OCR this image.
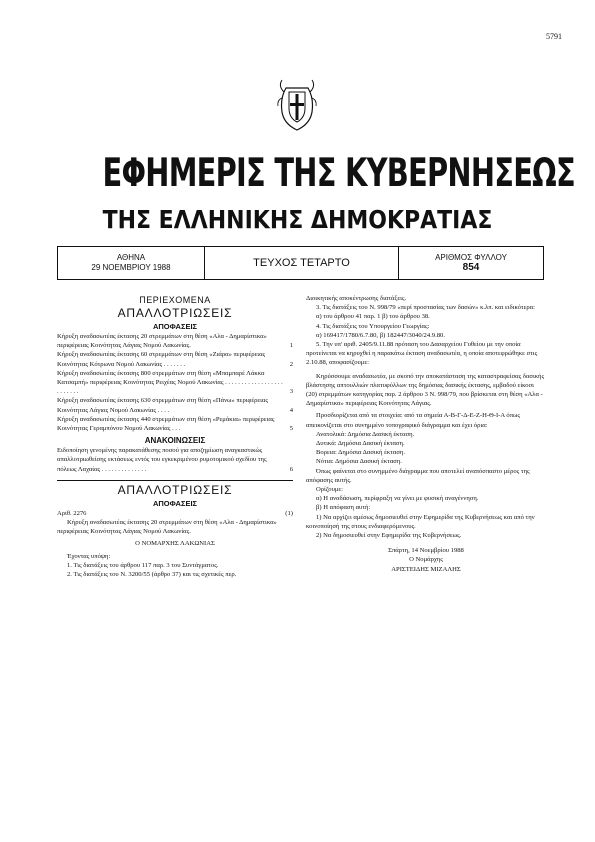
5791
ΕΦΗΜΕΡΙΣ ΤΗΣ ΚΥΒΕΡΝΗΣΕΩΣ
ΤΗΣ ΕΛΛΗΝΙΚΗΣ ΔΗΜΟΚΡΑΤΙΑΣ
ΑΘΗΝΑ
29 ΝΟΕΜΒΡΙΟΥ 1988	ΤΕΥΧΟΣ ΤΕΤΑΡΤΟ	ΑΡΙΘΜΟΣ ΦΥΛΛΟΥ
854
ΠΕΡΙΕΧΟΜΕΝΑ
ΑΠΑΛΛΟΤΡΙΩΣΕΙΣ
ΑΠΟΦΑΣΕΙΣ
Κήρυξη αναδασωτέας έκτασης 20 στρεμμάτων στη θέση «Αλα - Δημαρίστικα» περιφέρειας Κοινότητας Λάγιας Νομού Λακωνίας.	1
Κήρυξη αναδασωτέας έκτασης 60 στρεμμάτων στη θέση «Ζιάρα» περιφέρειας Κοινότητας Κότρωνα Νομού Λακωνίας . . . . . . .	2
Κήρυξη αναδασωτέας έκτασης 800 στρεμμάτων στη θέση «Μπαμπαρέ Λάκκα Κατσαμπή» περιφέρειας Κοινότητας Ρειχέας Νομού Λακωνίας . . . . . . . . . . . . . . . . . . . . . . . . .	3
Κήρυξη αναδασωτέας έκτασης 630 στρεμμάτων στη θέση «Πάνω» περιφέρειας Κοινότητας Λάγιας Νομού Λακωνίας . . . .	4
Κήρυξη αναδασωτέας έκτασης 440 στρεμμάτων στη θέση «Ρεμάκια» περιφέρειας Κοινότητας Γεραμπόνου Νομού Λακωνίας . . .	5
ΑΝΑΚΟΙΝΩΣΕΙΣ
Ειδοποίηση γενομένης παρακατάθεσης ποσού για αποζημίωση αναγκαστικώς απαλλοτριωθείσης εκτάσεως εντός του εγκεκριμένου ρυμοτομικού σχεδίου της πόλεως Λαχαίας . . . . . . . . . . . . . .	6
ΑΠΑΛΛΟΤΡΙΩΣΕΙΣ
ΑΠΟΦΑΣΕΙΣ
Αριθ. 2276	(1)
Κήρυξη αναδασωτέας έκτασης 20 στρεμμάτων στη θέση «Αλα - Δημαρίστικα» περιφέρειας Κοινότητας Λάγιας Νομού Λακωνίας.
Ο ΝΟΜΑΡΧΗΣ ΛΑΚΩΝΙΑΣ
Έχοντας υπόψη:
1. Τις διατάξεις του άρθρου 117 παρ. 3 του Συντάγματος.
2. Τις διατάξεις του Ν. 3200/55 (άρθρο 37) και τις σχετικές περ.
Διοικητικής αποκέντρωσης διατάξεις.
3. Τις διατάξεις του Ν. 998/79 «περί προστασίας των δασών» κ.λπ. και ειδικότερα:
α) του άρθρου 41 παρ. 1 β) του άρθρου 38.
4. Τις διατάξεις του Υπουργείου Γεωργίας:
α) 169417/1780/6.7.80, β) 182447/3040/24.9.80.
5. Την υπ' αριθ. 2405/9.11.88 πρόταση του Δασαρχείου Γυθείου με την οποία προτείνεται να κηρυχθεί η παρακάτω έκταση αναδασωτέα, η οποία αποτεφρώθηκε στις 2.10.88, αποφασίζουμε:
Κηρύσσουμε αναδασωτέα, με σκοπό την αποκατάσταση της καταστραφείσας δασικής βλάστησης απτουλλιών πλατυφύλλων της δημόσιας δασικής έκτασης, εμβαδού είκοσι (20) στρεμμάτων κατηγορίας παρ. 2 άρθρου 3 Ν. 998/79, που βρίσκεται στη θέση «Αλα - Δημαρίστικα» περιφέρειας Κοινότητας Λάγιας.
Προσδιορίζεται από τα στοιχεία: από τα σημεία Α-Β-Γ-Δ-Ε-Ζ-Η-Θ-Ι-Α όπως απεικονίζεται στο συνημμένο τοπογραφικό διάγραμμα και έχει όρια:
Ανατολικά: Δημόσια Δασική έκταση.
Δυτικά: Δημόσια Δασική έκταση.
Βορεια: Δημόσια Δασική έκταση.
Νότια: Δημόσια Δασική έκταση.
Όπως φαίνεται στο συνημμένο διάγραμμα που αποτελεί αναπόσπαστο μέρος της απόφασης αυτής.
Ορίζουμε:
α) Η αναδάσωση, περίφραξη να γίνει με φυσική αναγέννηση.
β) Η απόφαση αυτή:
1) Να αρχίζει αμέσως δημοσιευθεί στην Εφημερίδα της Κυβερνήσεως και από την κοινοποίησή της στους ενδιαφερόμενους.
2) Να δημοσιευθεί στην Εφημερίδα της Κυβερνήσεως.
Σπάρτη, 14 Νοεμβρίου 1988
Ο Νομάρχης
ΑΡΙΣΤΕΙΔΗΣ ΜΙΖΑΛΗΣ
